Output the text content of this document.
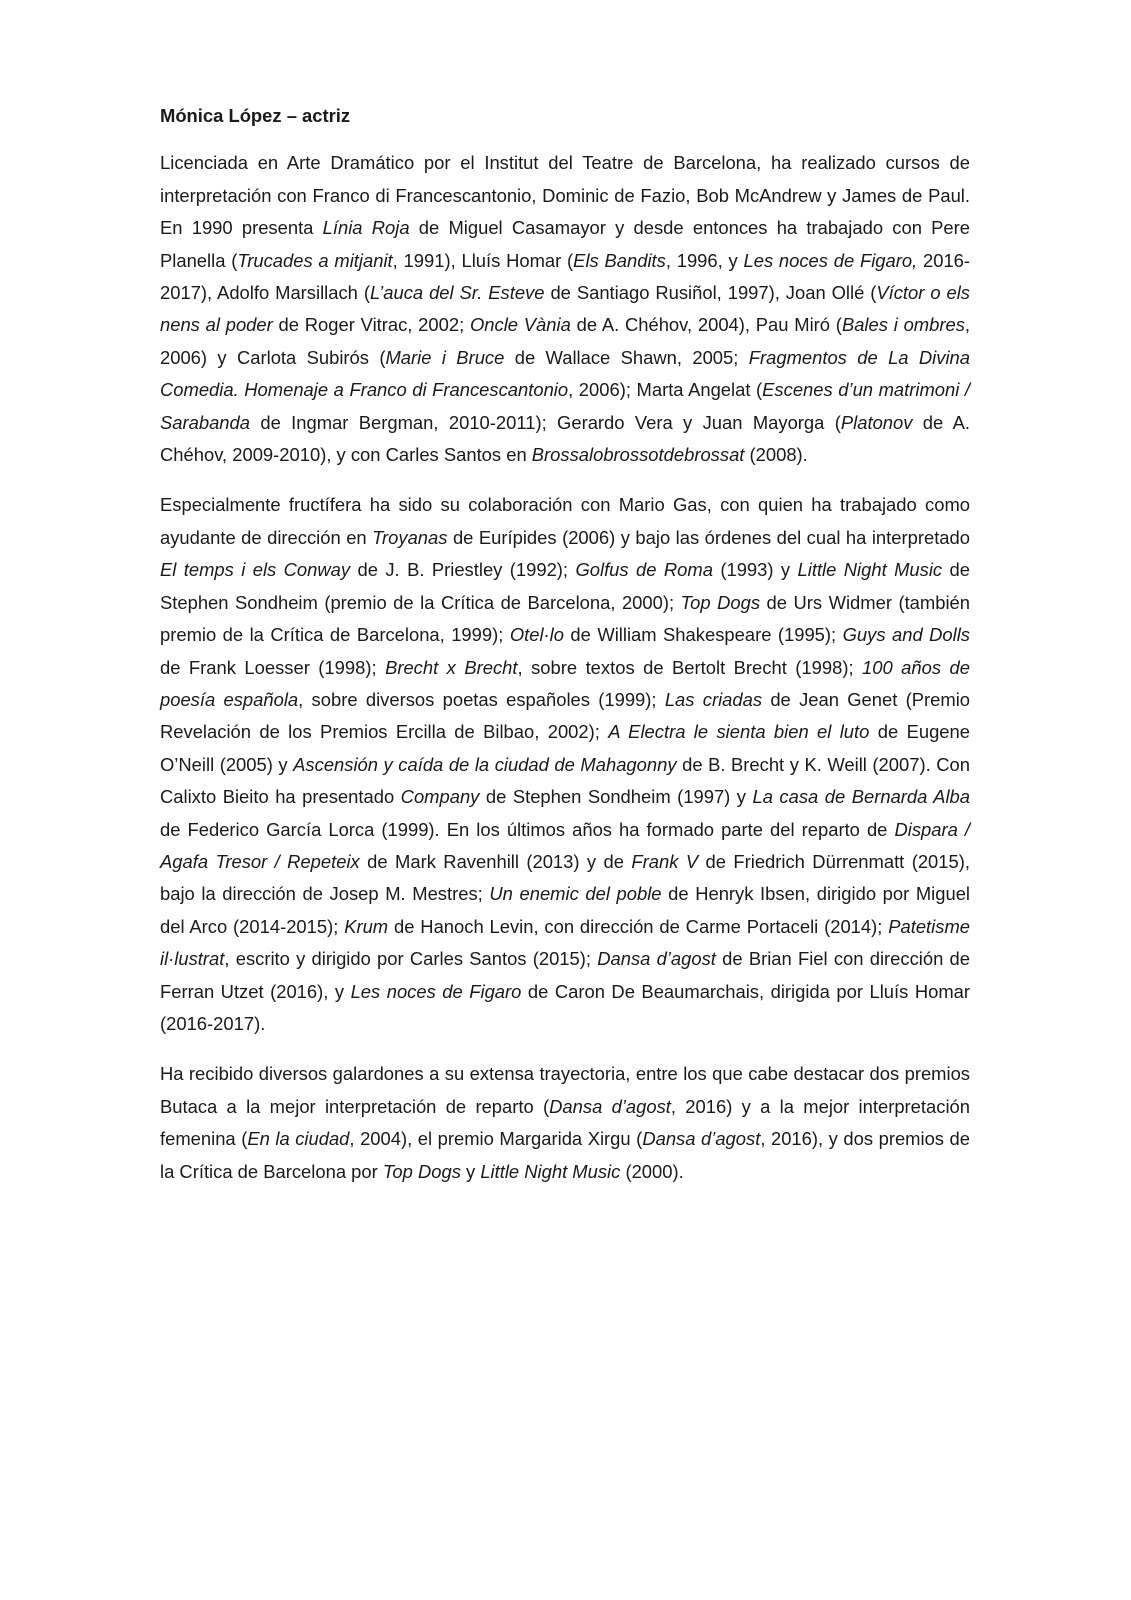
Mónica López – actriz

Licenciada en Arte Dramático por el Institut del Teatre de Barcelona, ha realizado cursos de interpretación con Franco di Francescantonio, Dominic de Fazio, Bob McAndrew y James de Paul. En 1990 presenta Línia Roja de Miguel Casamayor y desde entonces ha trabajado con Pere Planella (Trucades a mitjanit, 1991), Lluís Homar (Els Bandits, 1996, y Les noces de Figaro, 2016-2017), Adolfo Marsillach (L’auca del Sr. Esteve de Santiago Rusiñol, 1997), Joan Ollé (Víctor o els nens al poder de Roger Vitrac, 2002; Oncle Vània de A. Chéhov, 2004), Pau Miró (Bales i ombres, 2006) y Carlota Subirós (Marie i Bruce de Wallace Shawn, 2005; Fragmentos de La Divina Comedia. Homenaje a Franco di Francescantonio, 2006); Marta Angelat (Escenes d’un matrimoni / Sarabanda de Ingmar Bergman, 2010-2011); Gerardo Vera y Juan Mayorga (Platonov de A. Chéhov, 2009-2010), y con Carles Santos en Brossalobrossotdebrossat (2008).

Especialmente fructífera ha sido su colaboración con Mario Gas, con quien ha trabajado como ayudante de dirección en Troyanas de Eurípides (2006) y bajo las órdenes del cual ha interpretado El temps i els Conway de J. B. Priestley (1992); Golfus de Roma (1993) y Little Night Music de Stephen Sondheim (premio de la Crítica de Barcelona, 2000); Top Dogs de Urs Widmer (también premio de la Crítica de Barcelona, 1999); Otel·lo de William Shakespeare (1995); Guys and Dolls de Frank Loesser (1998); Brecht x Brecht, sobre textos de Bertolt Brecht (1998); 100 años de poesía española, sobre diversos poetas españoles (1999); Las criadas de Jean Genet (Premio Revelación de los Premios Ercilla de Bilbao, 2002); A Electra le sienta bien el luto de Eugene O’Neill (2005) y Ascensión y caída de la ciudad de Mahagonny de B. Brecht y K. Weill (2007). Con Calixto Bieito ha presentado Company de Stephen Sondheim (1997) y La casa de Bernarda Alba de Federico García Lorca (1999). En los últimos años ha formado parte del reparto de Dispara / Agafa Tresor / Repeteix de Mark Ravenhill (2013) y de Frank V de Friedrich Dürrenmatt (2015), bajo la dirección de Josep M. Mestres; Un enemic del poble de Henryk Ibsen, dirigido por Miguel del Arco (2014-2015); Krum de Hanoch Levin, con dirección de Carme Portaceli (2014); Patetisme il·lustrat, escrito y dirigido por Carles Santos (2015); Dansa d’agost de Brian Fiel con dirección de Ferran Utzet (2016), y Les noces de Figaro de Caron De Beaumarchais, dirigida por Lluís Homar (2016-2017).

Ha recibido diversos galardones a su extensa trayectoria, entre los que cabe destacar dos premios Butaca a la mejor interpretación de reparto (Dansa d’agost, 2016) y a la mejor interpretación femenina (En la ciudad, 2004), el premio Margarida Xirgu (Dansa d’agost, 2016), y dos premios de la Crítica de Barcelona por Top Dogs y Little Night Music (2000).
